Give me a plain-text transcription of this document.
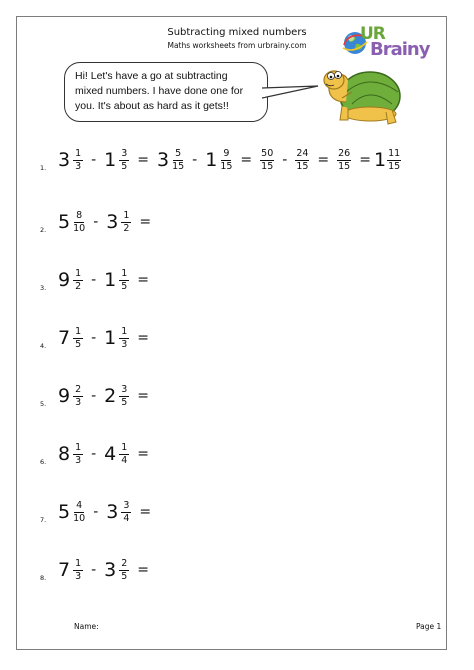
Subtracting mixed numbers
Maths worksheets from urbrainy.com
UR
Brainy

Hi! Let's have a go at subtracting

mixed numbers. I have done one for

you. It's about as hard as it gets!!

1. $3 \frac{1}{3} - 1 \frac{3}{5} = 3 \frac{5}{15} - 1 \frac{9}{15} = \frac{50}{15} - \frac{24}{15} = \frac{26}{15} = 1 \frac{11}{15}$
2. $5 \frac{8}{10} - 3 \frac{1}{2}$ =
3. $9 \frac{1}{2} - 1 \frac{1}{5}$ =
4. $7 \frac{1}{5} - 1 \frac{1}{3}$ =
5. $9 \frac{2}{3} - 2 \frac{3}{5}$ =
6. $8 \frac{1}{3} - 4 \frac{1}{4}$ =
7. $5 \frac{4}{10} - 3 \frac{3}{4}$ =
8. $7 \frac{1}{3} - 3 \frac{2}{5}$ =
Name:	Page 1
